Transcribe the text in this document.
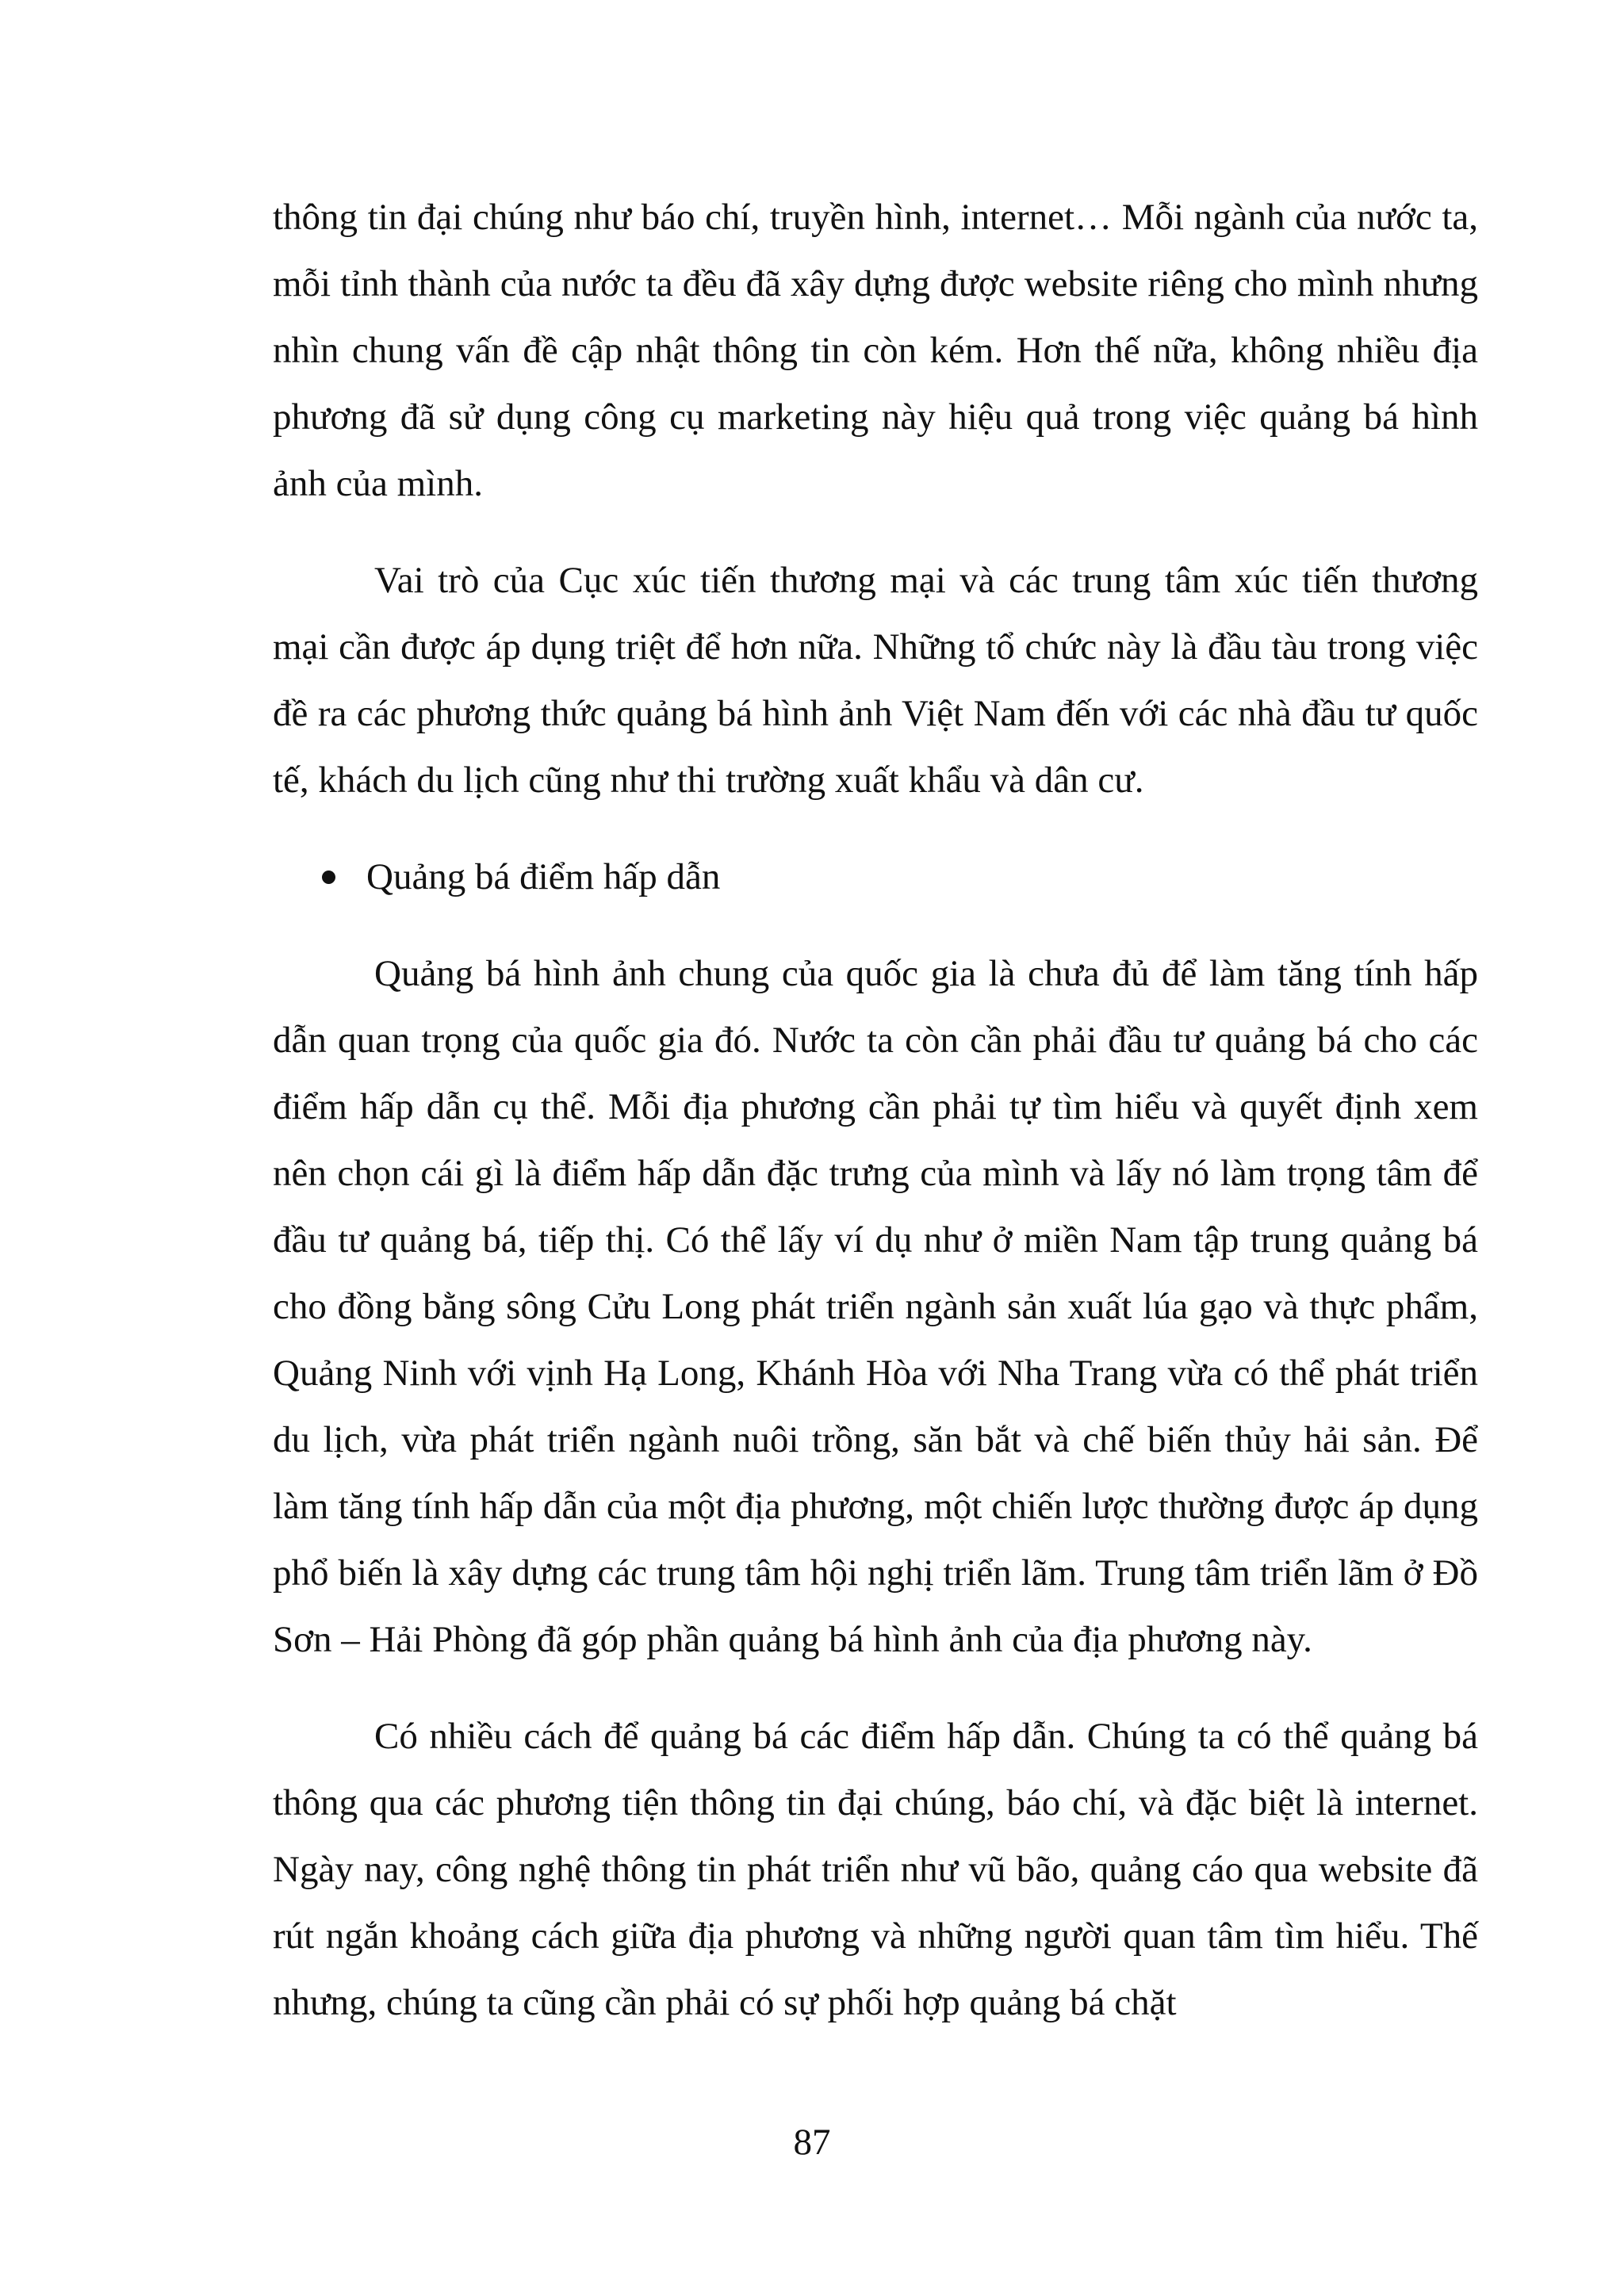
thông tin đại chúng như báo chí, truyền hình, internet… Mỗi ngành của nước ta, mỗi tỉnh thành của nước ta đều đã xây dựng được website riêng cho mình nhưng nhìn chung vấn đề cập nhật thông tin còn kém. Hơn thế nữa, không nhiều địa phương đã sử dụng công cụ marketing này hiệu quả trong việc quảng bá hình ảnh của mình.

Vai trò của Cục xúc tiến thương mại và các trung tâm xúc tiến thương mại cần được áp dụng triệt để hơn nữa. Những tổ chức này là đầu tàu trong việc đề ra các phương thức quảng bá hình ảnh Việt Nam đến với các nhà đầu tư quốc tế, khách du lịch cũng như thi trường xuất khẩu và dân cư.

Quảng bá điểm hấp dẫn

Quảng bá hình ảnh chung của quốc gia là chưa đủ để làm tăng tính hấp dẫn quan trọng của quốc gia đó. Nước ta còn cần phải đầu tư quảng bá cho các điểm hấp dẫn cụ thể. Mỗi địa phương cần phải tự tìm hiểu và quyết định xem nên chọn cái gì là điểm hấp dẫn đặc trưng của mình và lấy nó làm trọng tâm để đầu tư quảng bá, tiếp thị. Có thể lấy ví dụ như ở miền Nam tập trung quảng bá cho đồng bằng sông Cửu Long phát triển ngành sản xuất lúa gạo và thực phẩm, Quảng Ninh với vịnh Hạ Long, Khánh Hòa với Nha Trang vừa có thể phát triển du lịch, vừa phát triển ngành nuôi trồng, săn bắt và chế biến thủy hải sản. Để làm tăng tính hấp dẫn của một địa phương, một chiến lược thường được áp dụng phổ biến là xây dựng các trung tâm hội nghị triển lãm. Trung tâm triển lãm ở Đồ Sơn – Hải Phòng đã góp phần quảng bá hình ảnh của địa phương này.

Có nhiều cách để quảng bá các điểm hấp dẫn. Chúng ta có thể quảng bá thông qua các phương tiện thông tin đại chúng, báo chí, và đặc biệt là internet. Ngày nay, công nghệ thông tin phát triển như vũ bão, quảng cáo qua website đã rút ngắn khoảng cách giữa địa phương và những người quan tâm tìm hiểu. Thế nhưng, chúng ta cũng cần phải có sự phối hợp quảng bá chặt

87
